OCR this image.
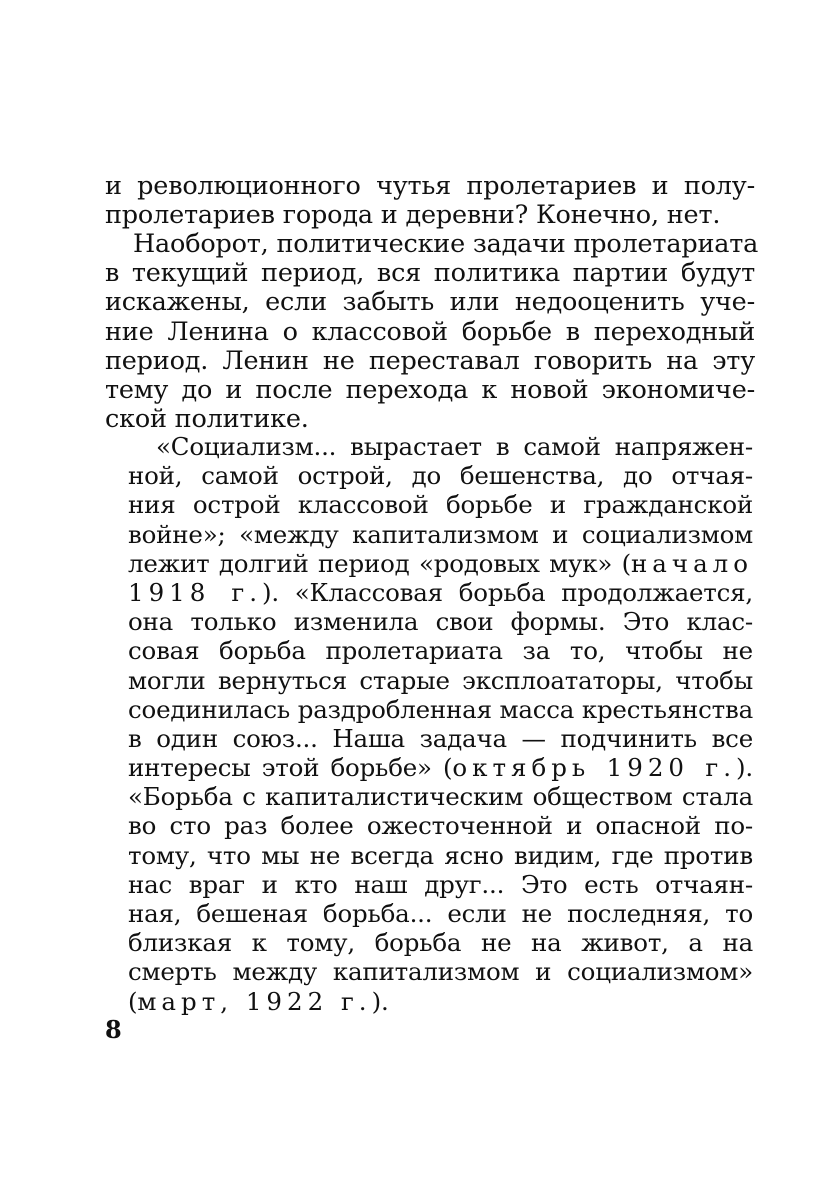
и революционного чутья пролетариев и полу-
пролетариев города и деревни? Конечно, нет.
Наоборот, политические задачи пролетариата
в текущий период, вся политика партии будут
искажены, если забыть или недооценить уче-
ние Ленина о классовой борьбе в переходный
период. Ленин не переставал говорить на эту
тему до и после перехода к новой экономиче-
ской политике.
«Социализм... вырастает в самой напряжен-
ной, самой острой, до бешенства, до отчая-
ния острой классовой борьбе и гражданской
войне»; «между капитализмом и социализмом
лежит долгий период «родовых мук» (начало
1918 г.). «Классовая борьба продолжается,
она только изменила свои формы. Это клас-
совая борьба пролетариата за то, чтобы не
могли вернуться старые эксплоататоры, чтобы
соединилась раздробленная масса крестьянства
в один союз... Наша задача — подчинить все
интересы этой борьбе» (октябрь 1920 г.).
«Борьба с капиталистическим обществом стала
во сто раз более ожесточенной и опасной по-
тому, что мы не всегда ясно видим, где против
нас враг и кто наш друг... Это есть отчаян-
ная, бешеная борьба... если не последняя, то
близкая к тому, борьба не на живот, а на
смерть между капитализмом и социализмом»
(март, 1922 г.).
8
